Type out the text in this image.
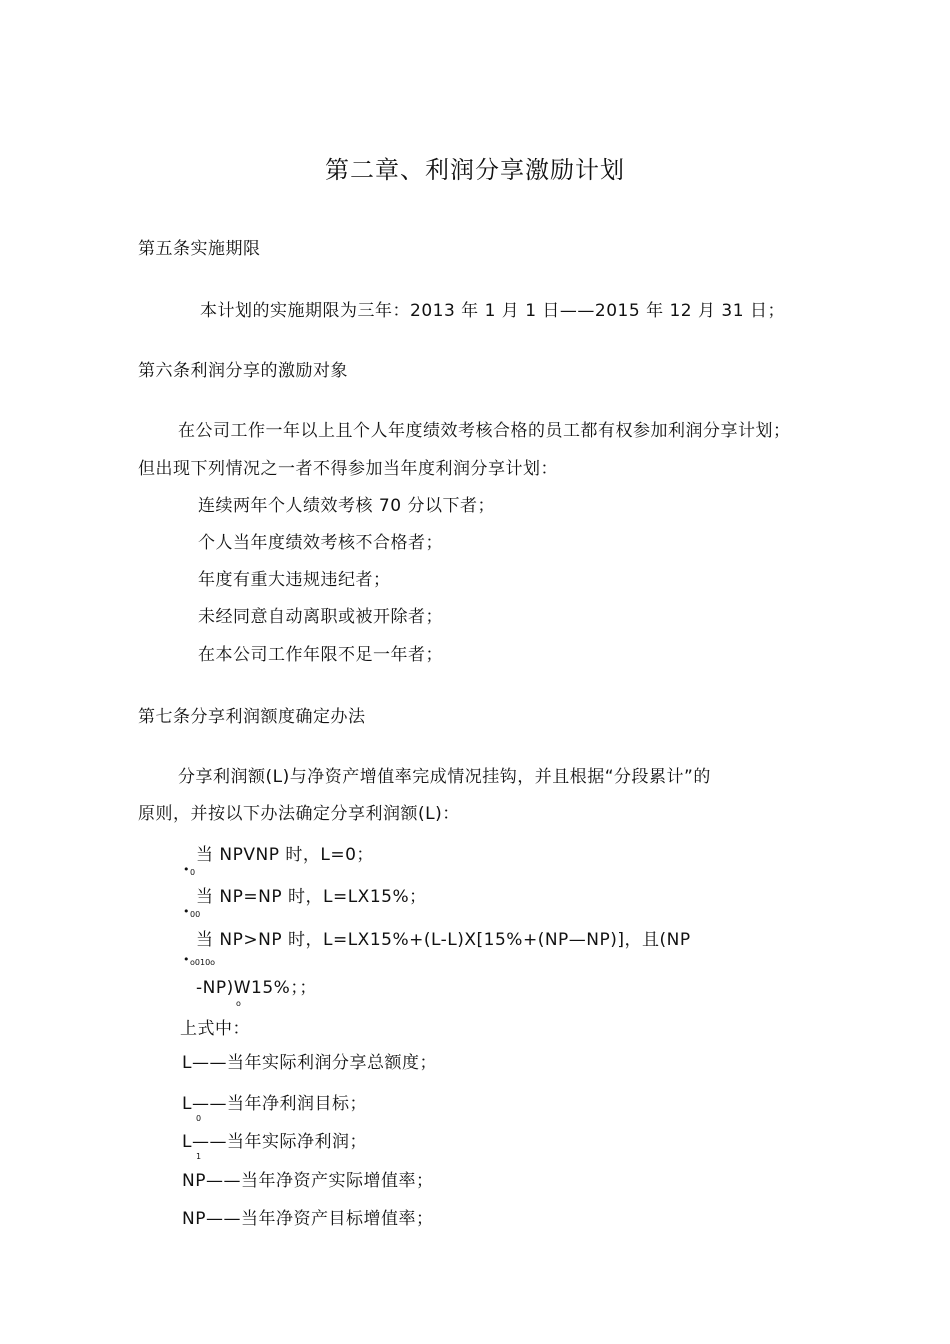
第二章、利润分享激励计划
第五条实施期限
本计划的实施期限为三年：2013 年 1 月 1 日——2015 年 12 月 31 日；
第六条利润分享的激励对象
在公司工作一年以上且个人年度绩效考核合格的员工都有权参加利润分享计划；
但出现下列情况之一者不得参加当年度利润分享计划：
连续两年个人绩效考核 70 分以下者；
个人当年度绩效考核不合格者；
年度有重大违规违纪者；
未经同意自动离职或被开除者；
在本公司工作年限不足一年者；
第七条分享利润额度确定办法
分享利润额(L)与净资产增值率完成情况挂钩，并且根据“分段累计”的
原则，并按以下办法确定分享利润额(L)：
当 NPVNP 时，L=0；
• 0
当 NP=NP 时，L=LX15%；
• 00
当 NP>NP 时，L=LX15%+(L-L)X[15%+(NP—NP)]，且(NP
• o010o
-NP)W15%；；
o
上式中：
L——当年实际利润分享总额度；
L——当年净利润目标；
0
L——当年实际净利润；
1
NP——当年净资产实际增值率；
NP——当年净资产目标增值率；
